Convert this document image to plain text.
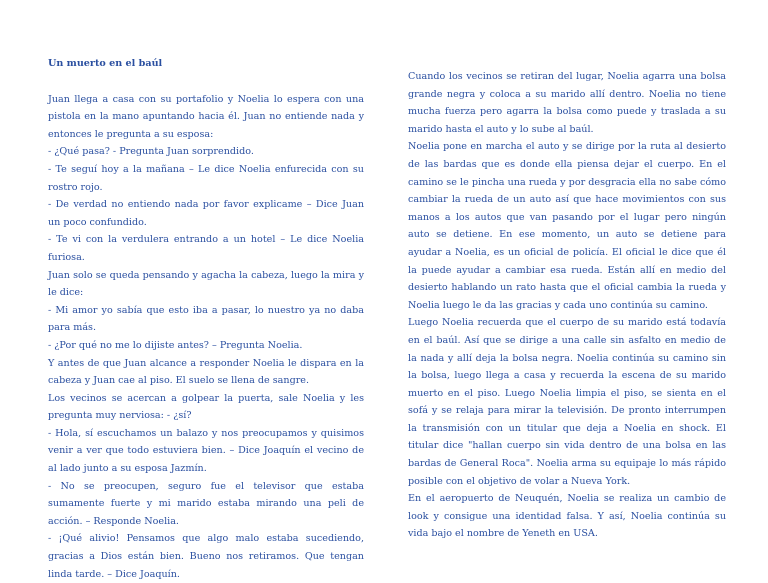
Un muerto en el baúl

Juan llega a casa con su portafolio y Noelia lo espera con una pistola en la mano apuntando hacia él. Juan no entiende nada y entonces le pregunta a su esposa:

- ¿Qué pasa? - Pregunta Juan sorprendido.

- Te seguí hoy a la mañana – Le dice Noelia enfurecida con su rostro rojo.

- De verdad no entiendo nada por favor explicame – Dice Juan un poco confundido.

- Te vi con la verdulera entrando a un hotel – Le dice Noelia furiosa.

Juan solo se queda pensando y agacha la cabeza, luego la mira y le dice:

- Mi amor yo sabía que esto iba a pasar, lo nuestro ya no daba para más.

- ¿Por qué no me lo dijiste antes? – Pregunta Noelia.

Y antes de que Juan alcance a responder Noelia le dispara en la cabeza y Juan cae al piso. El suelo se llena de sangre.

Los vecinos se acercan a golpear la puerta, sale Noelia y les pregunta muy nerviosa: - ¿sí?

- Hola, sí escuchamos un balazo y nos preocupamos y quisimos venir a ver que todo estuviera bien. – Dice Joaquín el vecino de al lado junto a su esposa Jazmín.

- No se preocupen, seguro fue el televisor que estaba sumamente fuerte y mi marido estaba mirando una peli de acción. – Responde Noelia.

- ¡Qué alivio! Pensamos que algo malo estaba sucediendo, gracias a Dios están bien. Bueno nos retiramos. Que tengan linda tarde. – Dice Joaquín.

Cuando los vecinos se retiran del lugar, Noelia agarra una bolsa grande negra y coloca a su marido allí dentro. Noelia no tiene mucha fuerza pero agarra la bolsa como puede y traslada a su marido hasta el auto y lo sube al baúl.

Noelia pone en marcha el auto y se dirige por la ruta al desierto de las bardas que es donde ella piensa dejar el cuerpo. En el camino se le pincha una rueda y por desgracia ella no sabe cómo cambiar la rueda de un auto así que hace movimientos con sus manos a los autos que van pasando por el lugar pero ningún auto se detiene. En ese momento, un auto se detiene para ayudar a Noelia, es un oficial de policía. El oficial le dice que él la puede ayudar a cambiar esa rueda. Están allí en medio del desierto hablando un rato hasta que el oficial cambia la rueda y Noelia luego le da las gracias y cada uno continúa su camino.

Luego Noelia recuerda que el cuerpo de su marido está todavía en el baúl. Así que se dirige a una calle sin asfalto en medio de la nada y allí deja la bolsa negra. Noelia continúa su camino sin la bolsa, luego llega a casa y recuerda la escena de su marido muerto en el piso. Luego Noelia limpia el piso, se sienta en el sofá y se relaja para mirar la televisión. De pronto interrumpen la transmisión con un titular que deja a Noelia en shock. El titular dice "hallan cuerpo sin vida dentro de una bolsa en las bardas de General Roca". Noelia arma su equipaje lo más rápido posible con el objetivo de volar a Nueva York.

En el aeropuerto de Neuquén, Noelia se realiza un cambio de look y consigue una identidad falsa. Y así, Noelia continúa su vida bajo el nombre de Yeneth en USA.
